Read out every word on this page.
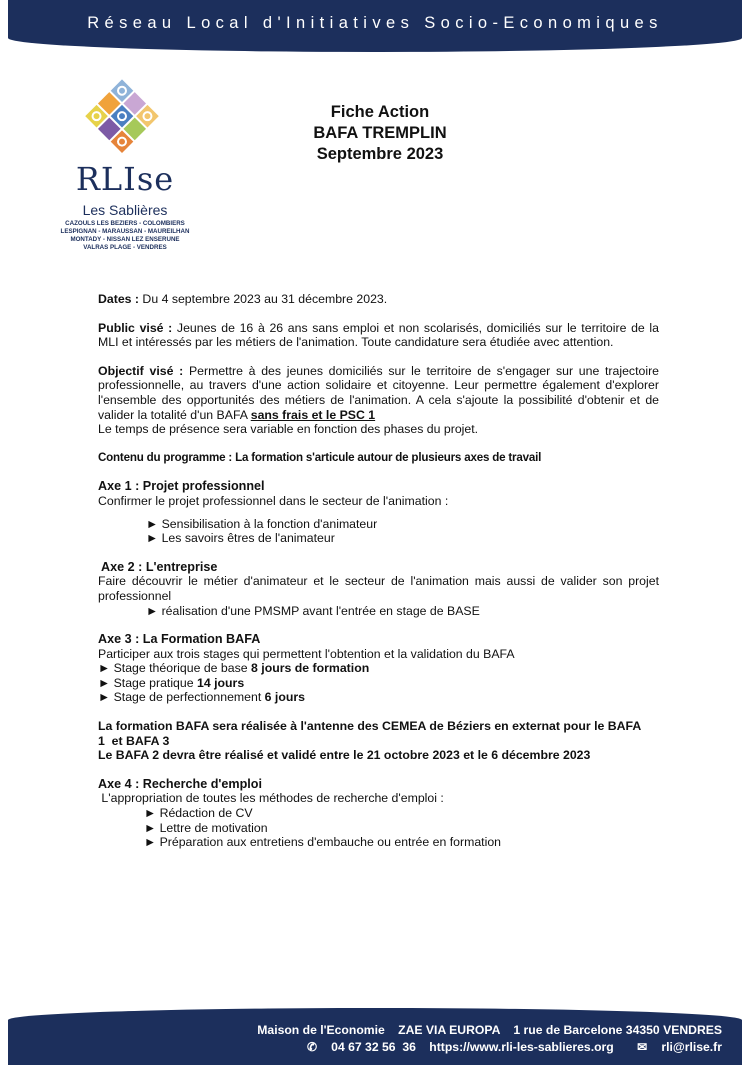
Réseau Local d'Initiatives Socio-Economiques
RLIse
Les Sablières
CAZOULS LES BEZIERS - COLOMBIERS
LESPIGNAN - MARAUSSAN - MAUREILHAN
MONTADY - NISSAN LEZ ENSERUNE
VALRAS PLAGE - VENDRES
Fiche Action
BAFA TREMPLIN
Septembre 2023

Dates : Du 4 septembre 2023 au 31 décembre 2023.

Public visé : Jeunes de 16 à 26 ans sans emploi et non scolarisés, domiciliés sur le territoire de la MLI et intéressés par les métiers de l'animation. Toute candidature sera étudiée avec attention.

Objectif visé : Permettre à des jeunes domiciliés sur le territoire de s'engager sur une trajectoire professionnelle, au travers d'une action solidaire et citoyenne. Leur permettre également d'explorer l'ensemble des opportunités des métiers de l'animation. A cela s'ajoute la possibilité d'obtenir et de valider la totalité d'un BAFA sans frais et le PSC 1

Le temps de présence sera variable en fonction des phases du projet.

Contenu du programme : La formation s'articule autour de plusieurs axes de travail

Axe 1 : Projet professionnel

Confirmer le projet professionnel dans le secteur de l'animation :

► Sensibilisation à la fonction d'animateur

► Les savoirs êtres de l'animateur

Axe 2 : L'entreprise

Faire découvrir le métier d'animateur et le secteur de l'animation mais aussi de valider son projet professionnel

► réalisation d'une PMSMP avant l'entrée en stage de BASE

Axe 3 : La Formation BAFA

Participer aux trois stages qui permettent l'obtention et la validation du BAFA

► Stage théorique de base 8 jours de formation

► Stage pratique 14 jours

► Stage de perfectionnement 6 jours

La formation BAFA sera réalisée à l'antenne des CEMEA de Béziers en externat pour le BAFA

1  et BAFA 3

Le BAFA 2 devra être réalisé et validé entre le 21 octobre 2023 et le 6 décembre 2023

Axe 4 : Recherche d'emploi

L'appropriation de toutes les méthodes de recherche d'emploi :

► Rédaction de CV

► Lettre de motivation

► Préparation aux entretiens d'embauche ou entrée en formation

Maison de l'Economie ZAE VIA EUROPA 1 rue de Barcelone 34350 VENDRES
✆ 04 67 32 56  36 https://www.rli-les-sablieres.org ✉ rli@rlise.fr
